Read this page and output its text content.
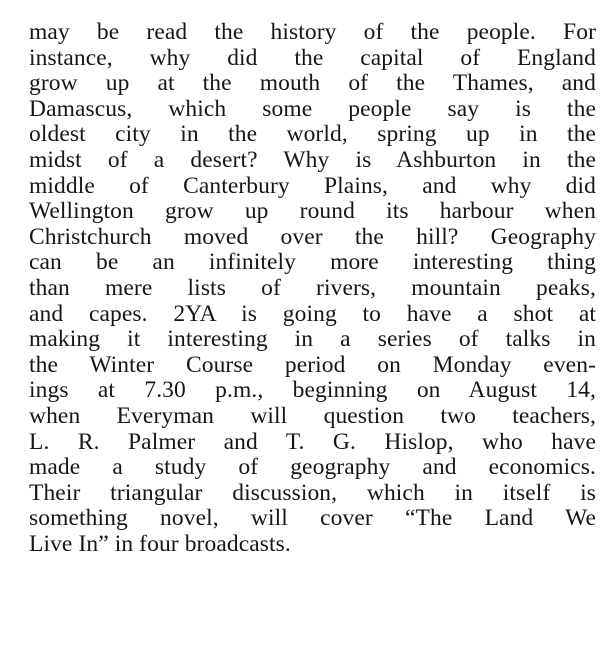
may be read the history of the people. For
instance, why did the capital of England
grow up at the mouth of the Thames, and
Damascus, which some people say is the
oldest city in the world, spring up in the
midst of a desert? Why is Ashburton in the
middle of Canterbury Plains, and why did
Wellington grow up round its harbour when
Christchurch moved over the hill? Geography
can be an infinitely more interesting thing
than mere lists of rivers, mountain peaks,
and capes. 2YA is going to have a shot at
making it interesting in a series of talks in
the Winter Course period on Monday even-
ings at 7.30 p.m., beginning on August 14,
when Everyman will question two teachers,
L. R. Palmer and T. G. Hislop, who have
made a study of geography and economics.
Their triangular discussion, which in itself is
something novel, will cover “The Land We
Live In” in four broadcasts.
